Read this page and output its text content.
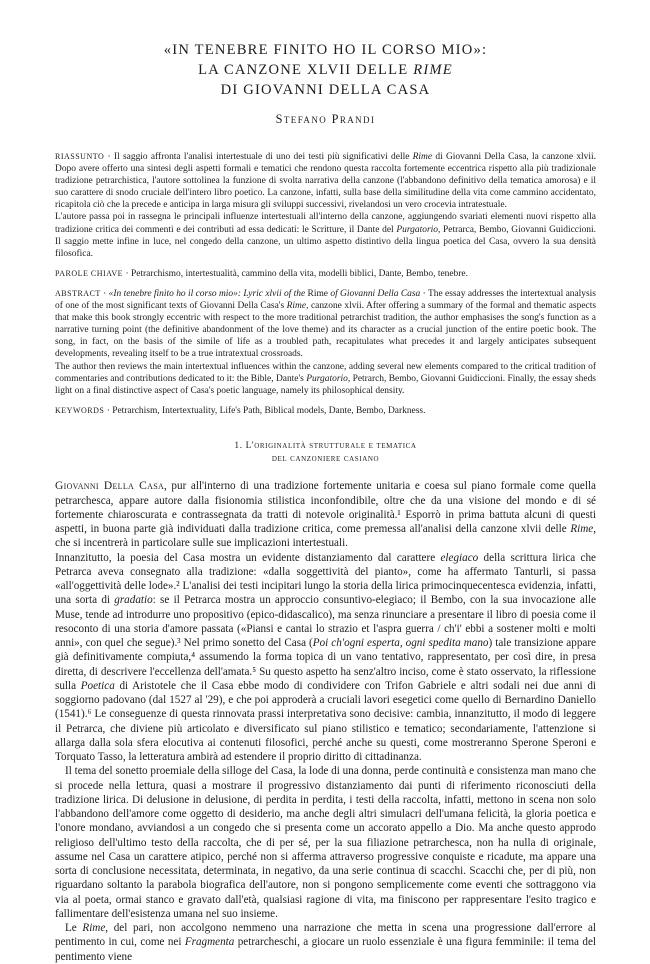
«IN TENEBRE FINITO HO IL CORSO MIO»:
LA CANZONE XLVII DELLE RIME
DI GIOVANNI DELLA CASA
Stefano Prandi

RIASSUNTO · Il saggio affronta l'analisi intertestuale di uno dei testi più significativi delle Rime di Giovanni Della Casa, la canzone xlvii. Dopo avere offerto una sintesi degli aspetti formali e tematici che rendono questa raccolta fortemente eccentrica rispetto alla più tradizionale tradizione petrarchistica, l'autore sottolinea la funzione di svolta narrativa della canzone (l'abbandono definitivo della tematica amorosa) e il suo carattere di snodo cruciale dell'intero libro poetico. La canzone, infatti, sulla base della similitudine della vita come cammino accidentato, ricapitola ciò che la precede e anticipa in larga misura gli sviluppi successivi, rivelandosi un vero crocevia intratestuale.

L'autore passa poi in rassegna le principali influenze intertestuali all'interno della canzone, aggiungendo svariati elementi nuovi rispetto alla tradizione critica dei commenti e dei contributi ad essa dedicati: le Scritture, il Dante del Purgatorio, Petrarca, Bembo, Giovanni Guidiccioni. Il saggio mette infine in luce, nel congedo della canzone, un ultimo aspetto distintivo della lingua poetica del Casa, ovvero la sua densità filosofica.

PAROLE CHIAVE · Petrarchismo, intertestualità, cammino della vita, modelli biblici, Dante, Bembo, tenebre.

ABSTRACT · «In tenebre finito ho il corso mio»: Lyric xlvii of the Rime of Giovanni Della Casa · The essay addresses the intertextual analysis of one of the most significant texts of Giovanni Della Casa's Rime, canzone xlvii. After offering a summary of the formal and thematic aspects that make this book strongly eccentric with respect to the more traditional petrarchist tradition, the author emphasises the song's function as a narrative turning point (the definitive abandonment of the love theme) and its character as a crucial junction of the entire poetic book. The song, in fact, on the basis of the simile of life as a troubled path, recapitulates what precedes it and largely anticipates subsequent developments, revealing itself to be a true intratextual crossroads.

The author then reviews the main intertextual influences within the canzone, adding several new elements compared to the critical tradition of commentaries and contributions dedicated to it: the Bible, Dante's Purgatorio, Petrarch, Bembo, Giovanni Guidiccioni. Finally, the essay sheds light on a final distinctive aspect of Casa's poetic language, namely its philosophical density.

KEYWORDS · Petrarchism, Intertextuality, Life's Path, Biblical models, Dante, Bembo, Darkness.

1. L'originalità strutturale e tematica
del canzoniere casiano

Giovanni Della Casa, pur all'interno di una tradizione fortemente unitaria e coesa sul piano formale come quella petrarchesca, appare autore dalla fisionomia stilistica inconfondibile, oltre che da una visione del mondo e di sé fortemente chiaroscurata e contrassegnata da tratti di notevole originalità.¹ Esporrò in prima battuta alcuni di questi aspetti, in buona parte già individuati dalla tradizione critica, come premessa all'analisi della canzone xlvii delle Rime, che si incentrerà in particolare sulle sue implicazioni intertestuali.

Innanzitutto, la poesia del Casa mostra un evidente distanziamento dal carattere elegiaco della scrittura lirica che Petrarca aveva consegnato alla tradizione: «dalla soggettività del pianto», come ha affermato Tanturli, si passa «all'oggettività delle lode».² L'analisi dei testi incipitari lungo la storia della lirica primocinquecentesca evidenzia, infatti, una sorta di gradatio: se il Petrarca mostra un approccio consuntivo-elegiaco; il Bembo, con la sua invocazione alle Muse, tende ad introdurre uno propositivo (epico-didascalico), ma senza rinunciare a presentare il libro di poesia come il resoconto di una storia d'amore passata («Piansi e cantai lo strazio et l'aspra guerra / ch'i' ebbi a sostener molti e molti anni», con quel che segue).³ Nel primo sonetto del Casa (Poi ch'ogni esperta, ogni spedita mano) tale transizione appare già definitivamente compiuta,⁴ assumendo la forma topica di un vano tentativo, rappresentato, per così dire, in presa diretta, di descrivere l'eccellenza dell'amata.⁵ Su questo aspetto ha senz'altro inciso, come è stato osservato, la riflessione sulla Poetica di Aristotele che il Casa ebbe modo di condividere con Trifon Gabriele e altri sodali nei due anni di soggiorno padovano (dal 1527 al '29), e che poi approderà a cruciali lavori esegetici come quello di Bernardino Daniello (1541).⁶ Le conseguenze di questa rinnovata prassi interpretativa sono decisive: cambia, innanzitutto, il modo di leggere il Petrarca, che diviene più articolato e diversificato sul piano stilistico e tematico; secondariamente, l'attenzione si allarga dalla sola sfera elocutiva ai contenuti filosofici, perché anche su questi, come mostreranno Sperone Speroni e Torquato Tasso, la letteratura ambirà ad estendere il proprio diritto di cittadinanza.

Il tema del sonetto proemiale della silloge del Casa, la lode di una donna, perde continuità e consistenza man mano che si procede nella lettura, quasi a mostrare il progressivo distanziamento dai punti di riferimento riconosciuti della tradizione lirica. Di delusione in delusione, di perdita in perdita, i testi della raccolta, infatti, mettono in scena non solo l'abbandono dell'amore come oggetto di desiderio, ma anche degli altri simulacri dell'umana felicità, la gloria poetica e l'onore mondano, avviandosi a un congedo che si presenta come un accorato appello a Dio. Ma anche questo approdo religioso dell'ultimo testo della raccolta, che di per sé, per la sua filiazione petrarchesca, non ha nulla di originale, assume nel Casa un carattere atipico, perché non si afferma attraverso progressive conquiste e ricadute, ma appare una sorta di conclusione necessitata, determinata, in negativo, da una serie continua di scacchi. Scacchi che, per di più, non riguardano soltanto la parabola biografica dell'autore, non si pongono semplicemente come eventi che sottraggono via via al poeta, ormai stanco e gravato dall'età, qualsiasi ragione di vita, ma finiscono per rappresentare l'esito tragico e fallimentare dell'esistenza umana nel suo insieme.

Le Rime, del pari, non accolgono nemmeno una narrazione che metta in scena una progressione dall'errore al pentimento in cui, come nei Fragmenta petrarcheschi, a giocare un ruolo essenziale è una figura femminile: il tema del pentimento viene
